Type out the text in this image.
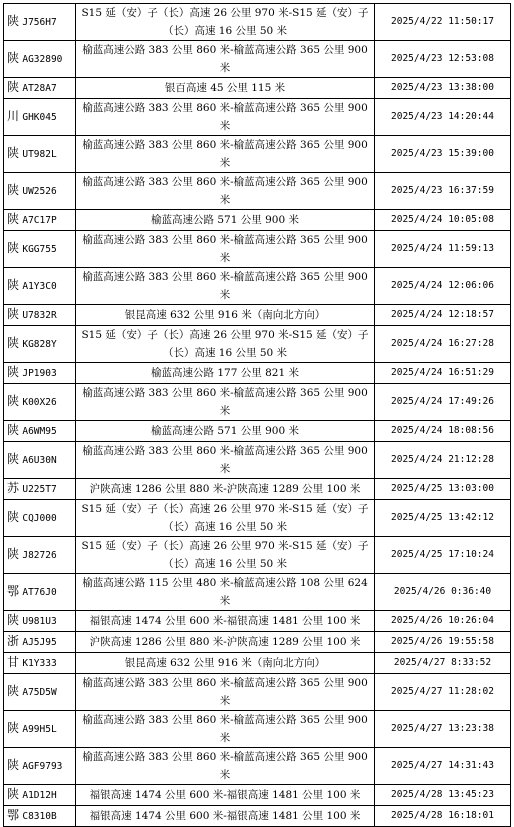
陕 J756H7	S15 延（安）子（长）高速 26 公里 970 米-S15 延（安）子（长）高速 16 公里 50 米	2025/4/22 11:50:17
陕 AG32890	榆蓝高速公路 383 公里 860 米-榆蓝高速公路 365 公里 900 米	2025/4/23 12:53:08
陕 AT28A7	银百高速 45 公里 115 米	2025/4/23 13:38:00
川 GHK045	榆蓝高速公路 383 公里 860 米-榆蓝高速公路 365 公里 900 米	2025/4/23 14:20:44
陕 UT982L	榆蓝高速公路 383 公里 860 米-榆蓝高速公路 365 公里 900 米	2025/4/23 15:39:00
陕 UW2526	榆蓝高速公路 383 公里 860 米-榆蓝高速公路 365 公里 900 米	2025/4/23 16:37:59
陕 A7C17P	榆蓝高速公路 571 公里 900 米	2025/4/24 10:05:08
陕 KGG755	榆蓝高速公路 383 公里 860 米-榆蓝高速公路 365 公里 900 米	2025/4/24 11:59:13
陕 A1Y3C0	榆蓝高速公路 383 公里 860 米-榆蓝高速公路 365 公里 900 米	2025/4/24 12:06:06
陕 U7832R	银昆高速 632 公里 916 米（南向北方向）	2025/4/24 12:18:57
陕 KG828Y	S15 延（安）子（长）高速 26 公里 970 米-S15 延（安）子（长）高速 16 公里 50 米	2025/4/24 16:27:28
陕 JP1903	榆蓝高速公路 177 公里 821 米	2025/4/24 16:51:29
陕 K00X26	榆蓝高速公路 383 公里 860 米-榆蓝高速公路 365 公里 900 米	2025/4/24 17:49:26
陕 A6WM95	榆蓝高速公路 571 公里 900 米	2025/4/24 18:08:56
陕 A6U30N	榆蓝高速公路 383 公里 860 米-榆蓝高速公路 365 公里 900 米	2025/4/24 21:12:28
苏 U225T7	沪陕高速 1286 公里 880 米-沪陕高速 1289 公里 100 米	2025/4/25 13:03:00
陕 CQJ000	S15 延（安）子（长）高速 26 公里 970 米-S15 延（安）子（长）高速 16 公里 50 米	2025/4/25 13:42:12
陕 J82726	S15 延（安）子（长）高速 26 公里 970 米-S15 延（安）子（长）高速 16 公里 50 米	2025/4/25 17:10:24
鄂 AT76J0	榆蓝高速公路 115 公里 480 米-榆蓝高速公路 108 公里 624 米	2025/4/26 0:36:40
陕 U981U3	福银高速 1474 公里 600 米-福银高速 1481 公里 100 米	2025/4/26 10:26:04
浙 AJ5J95	沪陕高速 1286 公里 880 米-沪陕高速 1289 公里 100 米	2025/4/26 19:55:58
甘 K1Y333	银昆高速 632 公里 916 米（南向北方向）	2025/4/27 8:33:52
陕 A75D5W	榆蓝高速公路 383 公里 860 米-榆蓝高速公路 365 公里 900 米	2025/4/27 11:28:02
陕 A99H5L	榆蓝高速公路 383 公里 860 米-榆蓝高速公路 365 公里 900 米	2025/4/27 13:23:38
陕 AGF9793	榆蓝高速公路 383 公里 860 米-榆蓝高速公路 365 公里 900 米	2025/4/27 14:31:43
陕 A1D12H	福银高速 1474 公里 600 米-福银高速 1481 公里 100 米	2025/4/28 13:45:23
鄂 C8310B	福银高速 1474 公里 600 米-福银高速 1481 公里 100 米	2025/4/28 16:18:01
